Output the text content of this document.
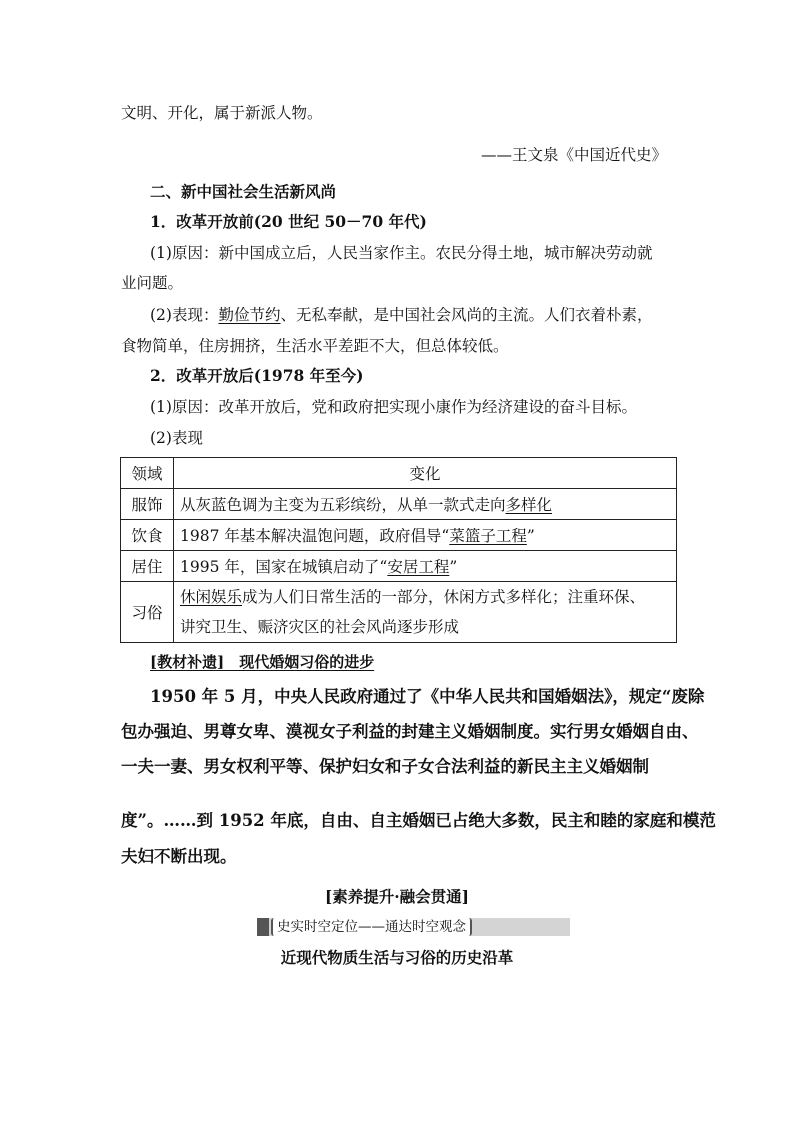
文明、开化，属于新派人物。
——王文泉《中国近代史》
二、新中国社会生活新风尚
1．改革开放前(20 世纪 50－70 年代)
(1)原因：新中国成立后，人民当家作主。农民分得土地，城市解决劳动就
业问题。
(2)表现：勤俭节约、无私奉献，是中国社会风尚的主流。人们衣着朴素，
食物简单，住房拥挤，生活水平差距不大，但总体较低。
2．改革开放后(1978 年至今)
(1)原因：改革开放后，党和政府把实现小康作为经济建设的奋斗目标。
(2)表现
领域	变化
服饰	从灰蓝色调为主变为五彩缤纷，从单一款式走向多样化
饮食	1987 年基本解决温饱问题，政府倡导“菜篮子工程”
居住	1995 年，国家在城镇启动了“安居工程”
习俗	休闲娱乐成为人们日常生活的一部分，休闲方式多样化；注重环保、
讲究卫生、赈济灾区的社会风尚逐步形成
[教材补遗]　现代婚姻习俗的进步
1950 年 5 月，中央人民政府通过了《中华人民共和国婚姻法》，规定“废除
包办强迫、男尊女卑、漠视女子利益的封建主义婚姻制度。实行男女婚姻自由、
一夫一妻、男女权利平等、保护妇女和子女合法利益的新民主主义婚姻制
度”。……到 1952 年底，自由、自主婚姻已占绝大多数，民主和睦的家庭和模范
夫妇不断出现。
[素养提升·融会贯通]
史实时空定位——通达时空观念
近现代物质生活与习俗的历史沿革
